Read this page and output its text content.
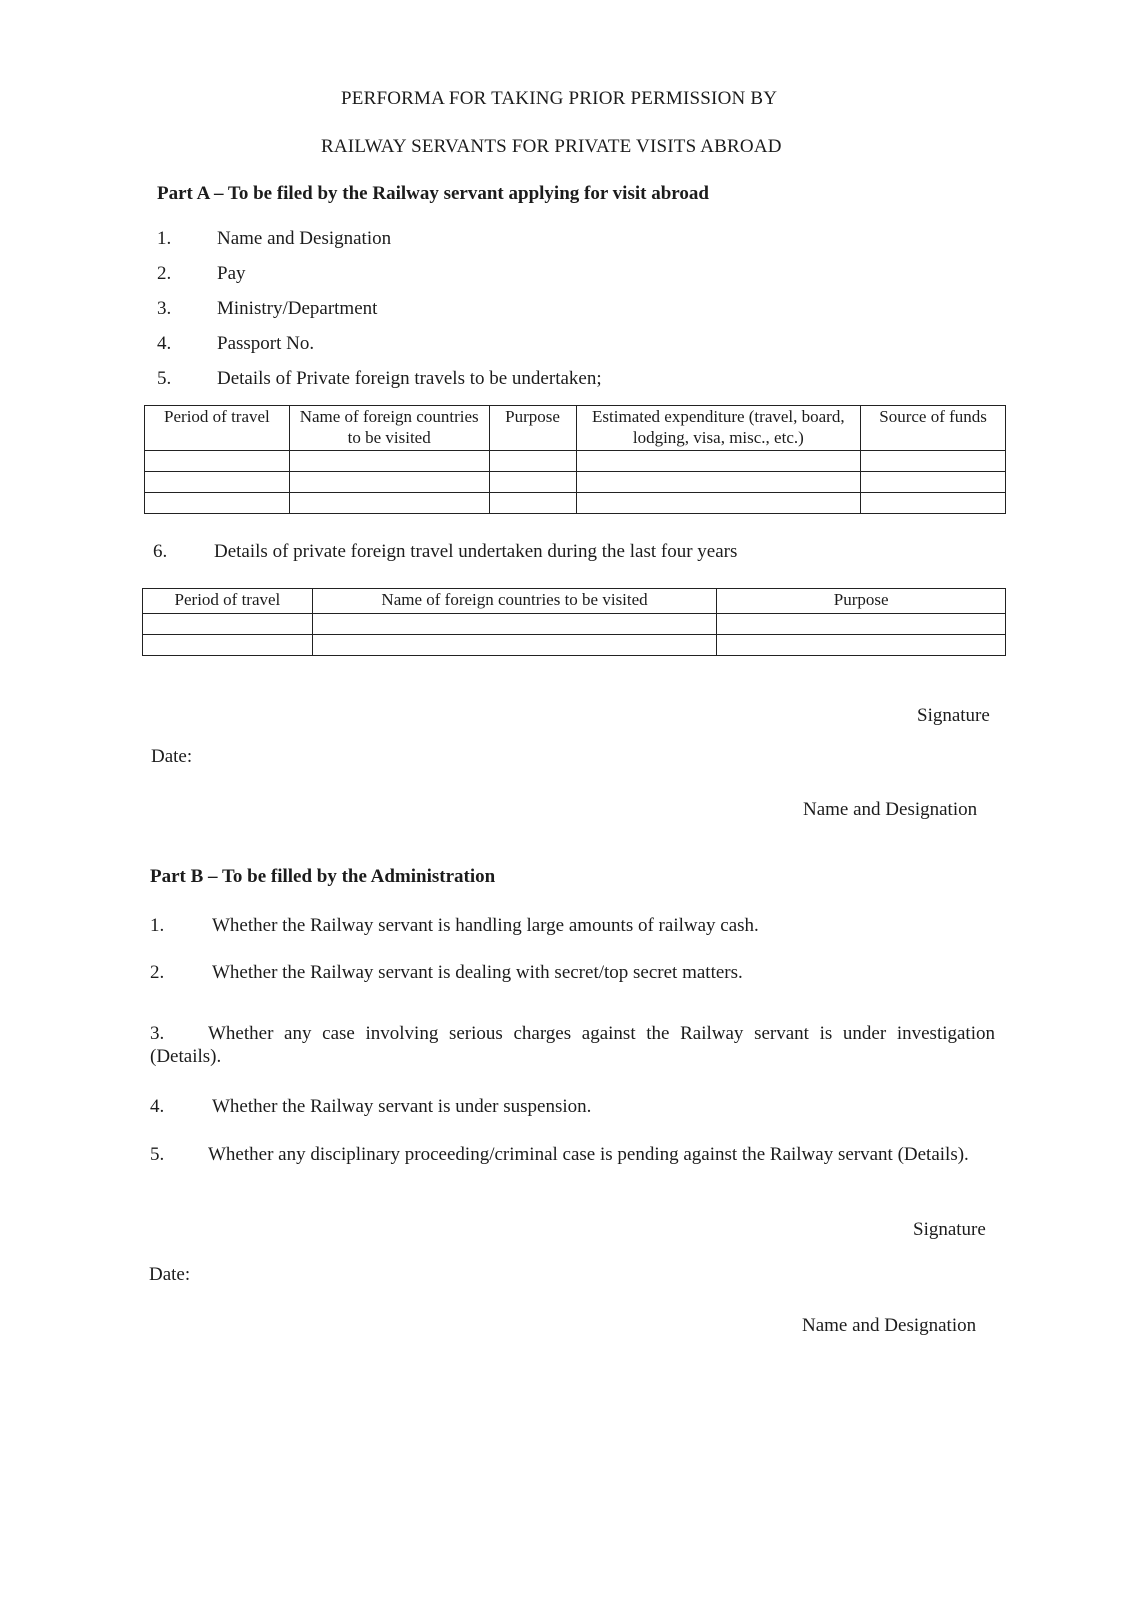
PERFORMA FOR TAKING PRIOR PERMISSION BY
RAILWAY SERVANTS FOR PRIVATE VISITS ABROAD
Part A – To be filed by the Railway servant applying for visit abroad
1. Name and Designation
2. Pay
3. Ministry/Department
4. Passport No.
5. Details of Private foreign travels to be undertaken;
Period of travel	Name of foreign countries to be visited	Purpose	Estimated expenditure (travel, board, lodging, visa, misc., etc.)	Source of funds

6. Details of private foreign travel undertaken during the last four years
Period of travel	Name of foreign countries to be visited	Purpose

Signature
Date:
Name and Designation
Part B – To be filled by the Administration
1.	Whether the Railway servant is handling large amounts of railway cash.
2.	Whether the Railway servant is dealing with secret/top secret matters.
3. Whether any case involving serious charges against the Railway servant is under investigation (Details).
4.	Whether the Railway servant is under suspension.
5. Whether any disciplinary proceeding/criminal case is pending against the Railway servant (Details).
Signature
Date:
Name and Designation
